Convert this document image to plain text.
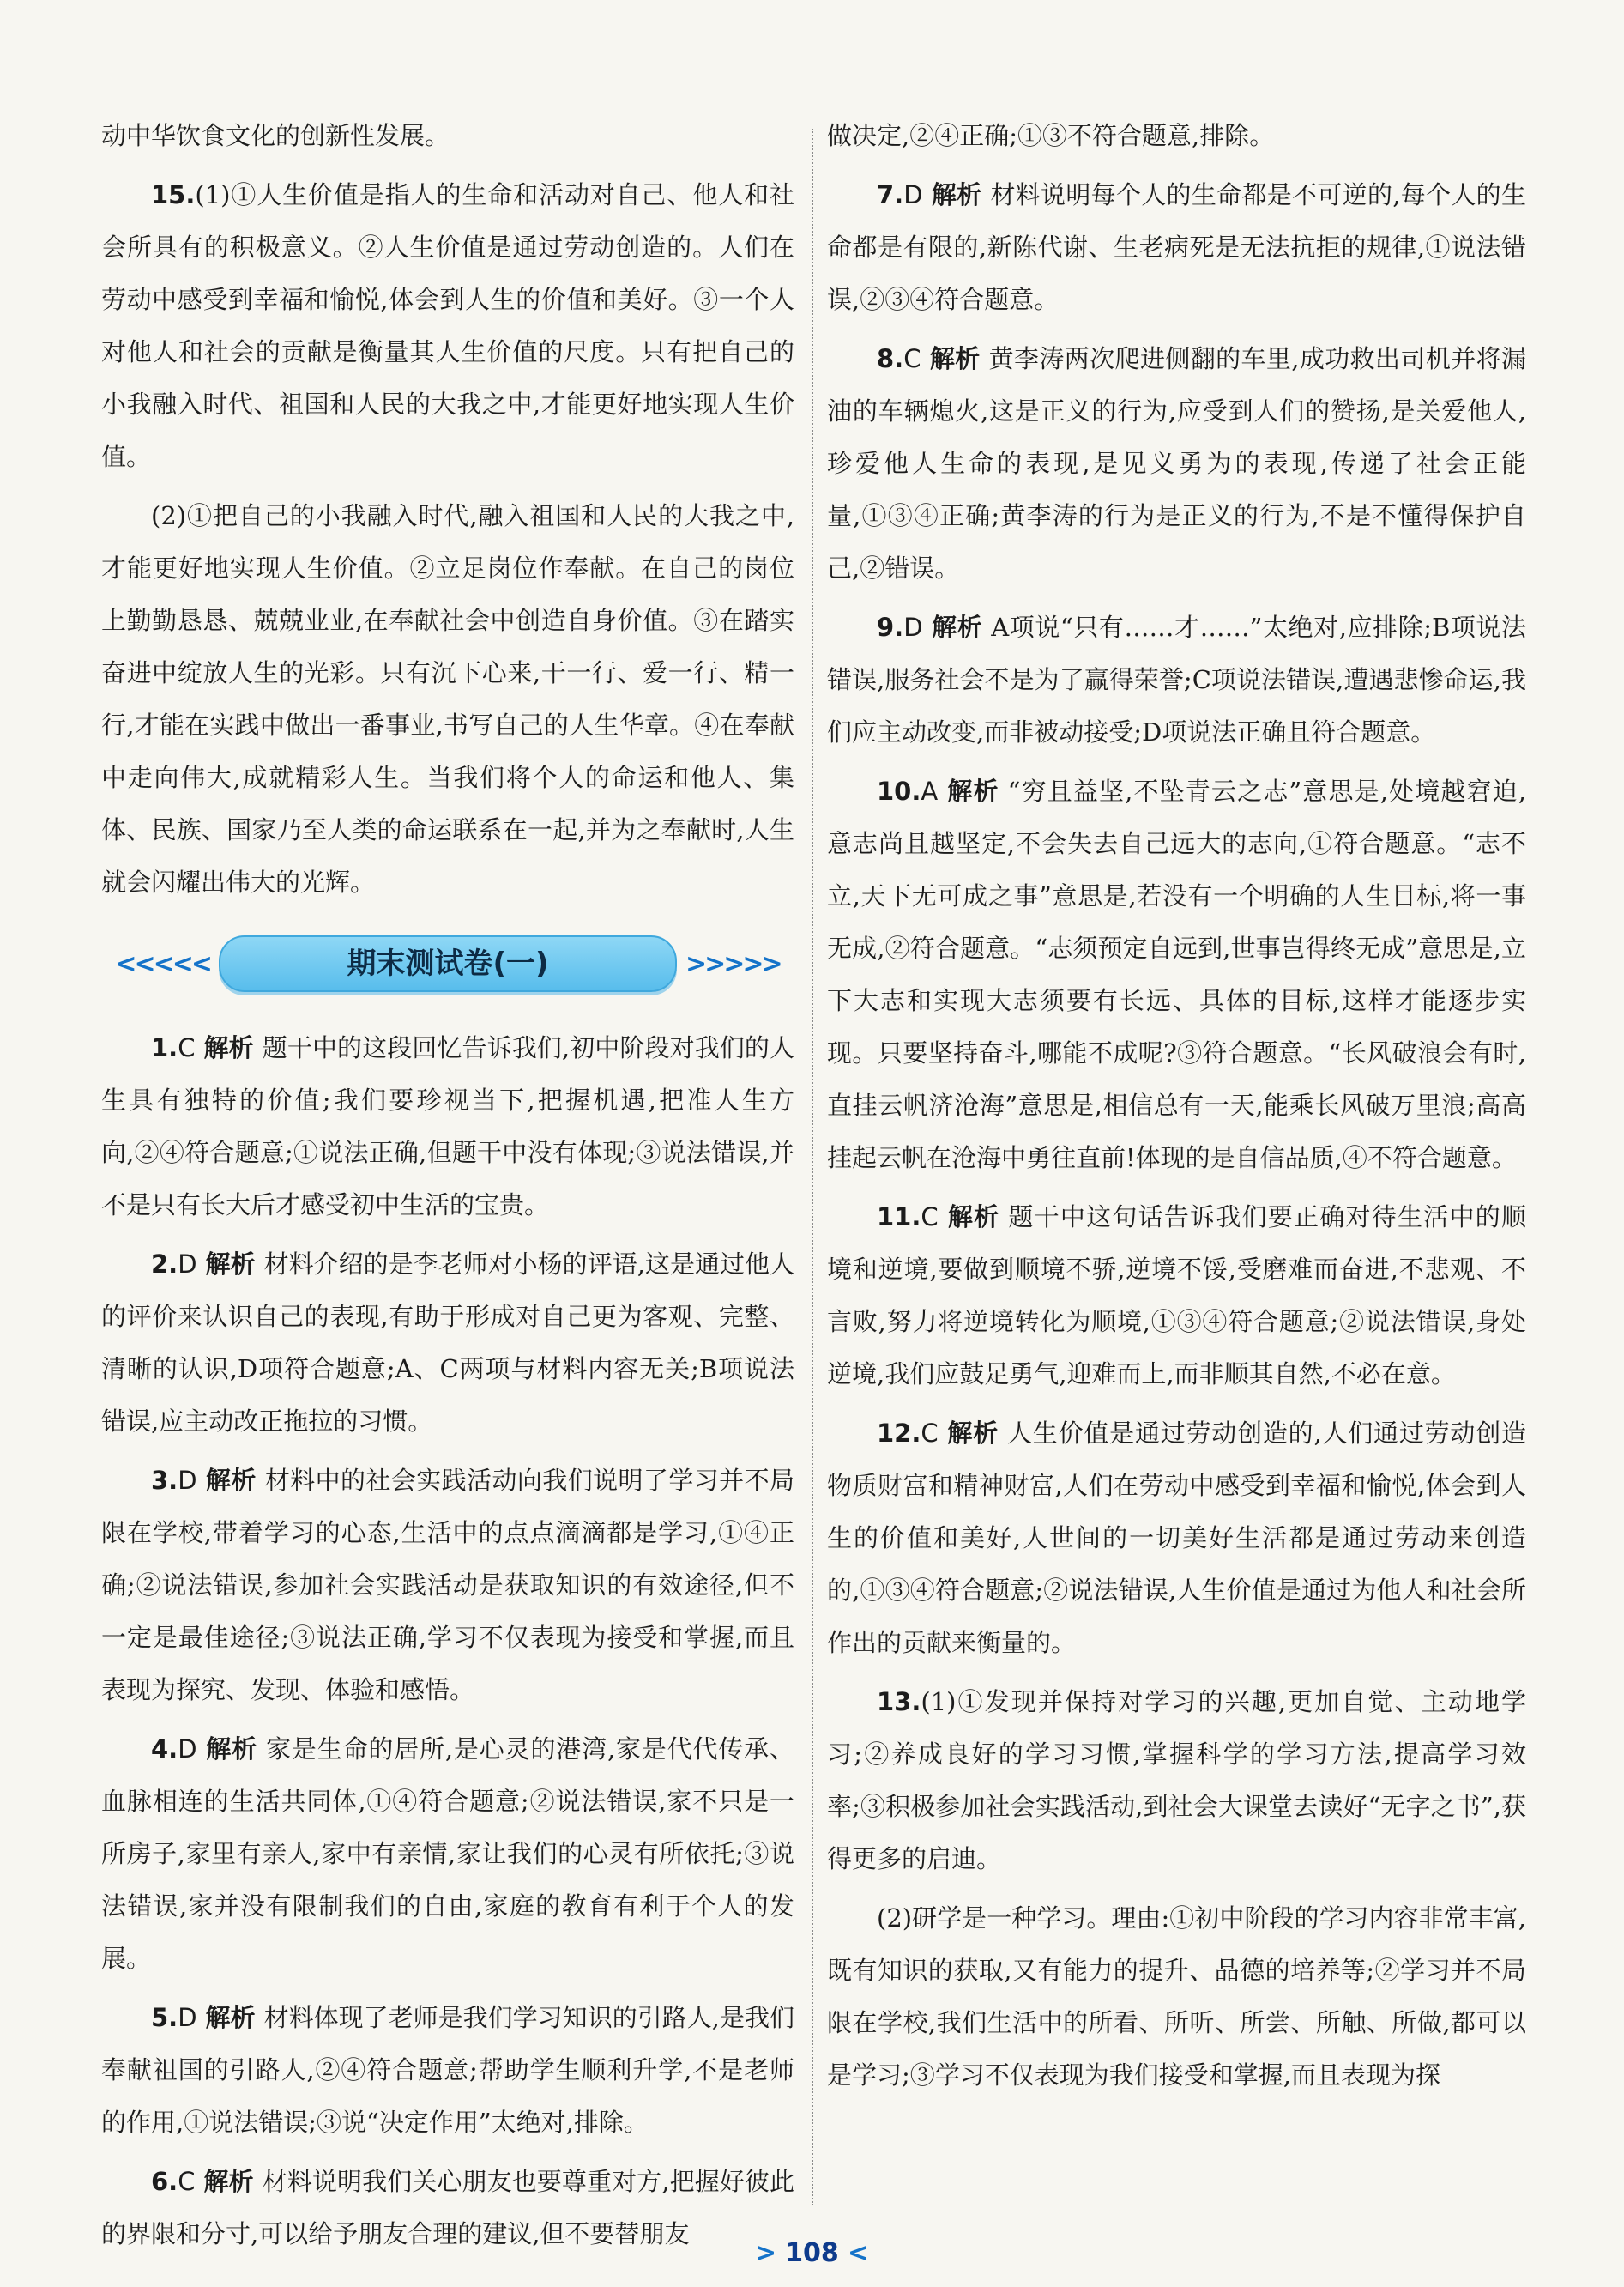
动中华饮食文化的创新性发展。

15.(1)①人生价值是指人的生命和活动对自己、他人和社会所具有的积极意义。②人生价值是通过劳动创造的。人们在劳动中感受到幸福和愉悦,体会到人生的价值和美好。③一个人对他人和社会的贡献是衡量其人生价值的尺度。只有把自己的小我融入时代、祖国和人民的大我之中,才能更好地实现人生价值。

(2)①把自己的小我融入时代,融入祖国和人民的大我之中,才能更好地实现人生价值。②立足岗位作奉献。在自己的岗位上勤勤恳恳、兢兢业业,在奉献社会中创造自身价值。③在踏实奋进中绽放人生的光彩。只有沉下心来,干一行、爱一行、精一行,才能在实践中做出一番事业,书写自己的人生华章。④在奉献中走向伟大,成就精彩人生。当我们将个人的命运和他人、集体、民族、国家乃至人类的命运联系在一起,并为之奉献时,人生就会闪耀出伟大的光辉。

<<<<<	期末测试卷(一)	>>>>>

1.C 解析 题干中的这段回忆告诉我们,初中阶段对我们的人生具有独特的价值;我们要珍视当下,把握机遇,把准人生方向,②④符合题意;①说法正确,但题干中没有体现;③说法错误,并不是只有长大后才感受初中生活的宝贵。

2.D 解析 材料介绍的是李老师对小杨的评语,这是通过他人的评价来认识自己的表现,有助于形成对自己更为客观、完整、清晰的认识,D项符合题意;A、C两项与材料内容无关;B项说法错误,应主动改正拖拉的习惯。

3.D 解析 材料中的社会实践活动向我们说明了学习并不局限在学校,带着学习的心态,生活中的点点滴滴都是学习,①④正确;②说法错误,参加社会实践活动是获取知识的有效途径,但不一定是最佳途径;③说法正确,学习不仅表现为接受和掌握,而且表现为探究、发现、体验和感悟。

4.D 解析 家是生命的居所,是心灵的港湾,家是代代传承、血脉相连的生活共同体,①④符合题意;②说法错误,家不只是一所房子,家里有亲人,家中有亲情,家让我们的心灵有所依托;③说法错误,家并没有限制我们的自由,家庭的教育有利于个人的发展。

5.D 解析 材料体现了老师是我们学习知识的引路人,是我们奉献祖国的引路人,②④符合题意;帮助学生顺利升学,不是老师的作用,①说法错误;③说“决定作用”太绝对,排除。

6.C 解析 材料说明我们关心朋友也要尊重对方,把握好彼此的界限和分寸,可以给予朋友合理的建议,但不要替朋友

做决定,②④正确;①③不符合题意,排除。

7.D 解析 材料说明每个人的生命都是不可逆的,每个人的生命都是有限的,新陈代谢、生老病死是无法抗拒的规律,①说法错误,②③④符合题意。

8.C 解析 黄李涛两次爬进侧翻的车里,成功救出司机并将漏油的车辆熄火,这是正义的行为,应受到人们的赞扬,是关爱他人,珍爱他人生命的表现,是见义勇为的表现,传递了社会正能量,①③④正确;黄李涛的行为是正义的行为,不是不懂得保护自己,②错误。

9.D 解析 A项说“只有……才……”太绝对,应排除;B项说法错误,服务社会不是为了赢得荣誉;C项说法错误,遭遇悲惨命运,我们应主动改变,而非被动接受;D项说法正确且符合题意。

10.A 解析 “穷且益坚,不坠青云之志”意思是,处境越窘迫,意志尚且越坚定,不会失去自己远大的志向,①符合题意。“志不立,天下无可成之事”意思是,若没有一个明确的人生目标,将一事无成,②符合题意。“志须预定自远到,世事岂得终无成”意思是,立下大志和实现大志须要有长远、具体的目标,这样才能逐步实现。只要坚持奋斗,哪能不成呢?③符合题意。“长风破浪会有时,直挂云帆济沧海”意思是,相信总有一天,能乘长风破万里浪;高高挂起云帆在沧海中勇往直前!体现的是自信品质,④不符合题意。

11.C 解析 题干中这句话告诉我们要正确对待生活中的顺境和逆境,要做到顺境不骄,逆境不馁,受磨难而奋进,不悲观、不言败,努力将逆境转化为顺境,①③④符合题意;②说法错误,身处逆境,我们应鼓足勇气,迎难而上,而非顺其自然,不必在意。

12.C 解析 人生价值是通过劳动创造的,人们通过劳动创造物质财富和精神财富,人们在劳动中感受到幸福和愉悦,体会到人生的价值和美好,人世间的一切美好生活都是通过劳动来创造的,①③④符合题意;②说法错误,人生价值是通过为他人和社会所作出的贡献来衡量的。

13.(1)①发现并保持对学习的兴趣,更加自觉、主动地学习;②养成良好的学习习惯,掌握科学的学习方法,提高学习效率;③积极参加社会实践活动,到社会大课堂去读好“无字之书”,获得更多的启迪。

(2)研学是一种学习。理由:①初中阶段的学习内容非常丰富,既有知识的获取,又有能力的提升、品德的培养等;②学习并不局限在学校,我们生活中的所看、所听、所尝、所触、所做,都可以是学习;③学习不仅表现为我们接受和掌握,而且表现为探

> 108 <
